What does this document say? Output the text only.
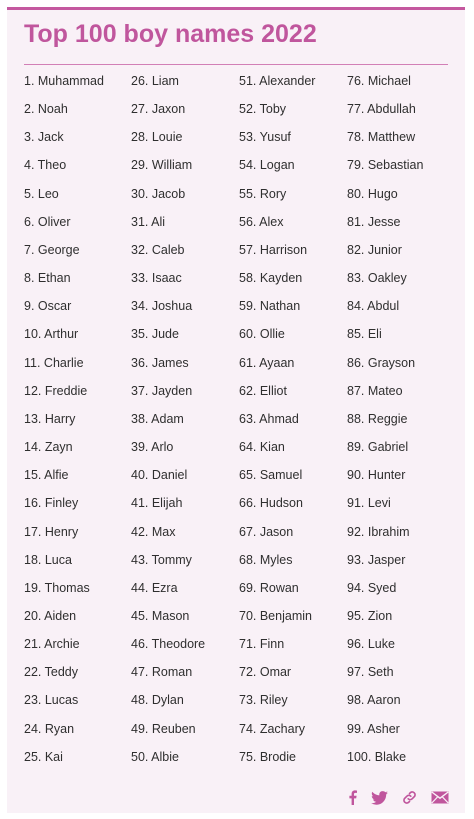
Top 100 boy names 2022
1. Muhammad
2. Noah
3. Jack
4. Theo
5. Leo
6. Oliver
7. George
8. Ethan
9. Oscar
10. Arthur
11. Charlie
12. Freddie
13. Harry
14. Zayn
15. Alfie
16. Finley
17. Henry
18. Luca
19. Thomas
20. Aiden
21. Archie
22. Teddy
23. Lucas
24. Ryan
25. Kai
26. Liam
27. Jaxon
28. Louie
29. William
30. Jacob
31. Ali
32. Caleb
33. Isaac
34. Joshua
35. Jude
36. James
37. Jayden
38. Adam
39. Arlo
40. Daniel
41. Elijah
42. Max
43. Tommy
44. Ezra
45. Mason
46. Theodore
47. Roman
48. Dylan
49. Reuben
50. Albie
51. Alexander
52. Toby
53. Yusuf
54. Logan
55. Rory
56. Alex
57. Harrison
58. Kayden
59. Nathan
60. Ollie
61. Ayaan
62. Elliot
63. Ahmad
64. Kian
65. Samuel
66. Hudson
67. Jason
68. Myles
69. Rowan
70. Benjamin
71. Finn
72. Omar
73. Riley
74. Zachary
75. Brodie
76. Michael
77. Abdullah
78. Matthew
79. Sebastian
80. Hugo
81. Jesse
82. Junior
83. Oakley
84. Abdul
85. Eli
86. Grayson
87. Mateo
88. Reggie
89. Gabriel
90. Hunter
91. Levi
92. Ibrahim
93. Jasper
94. Syed
95. Zion
96. Luke
97. Seth
98. Aaron
99. Asher
100. Blake
